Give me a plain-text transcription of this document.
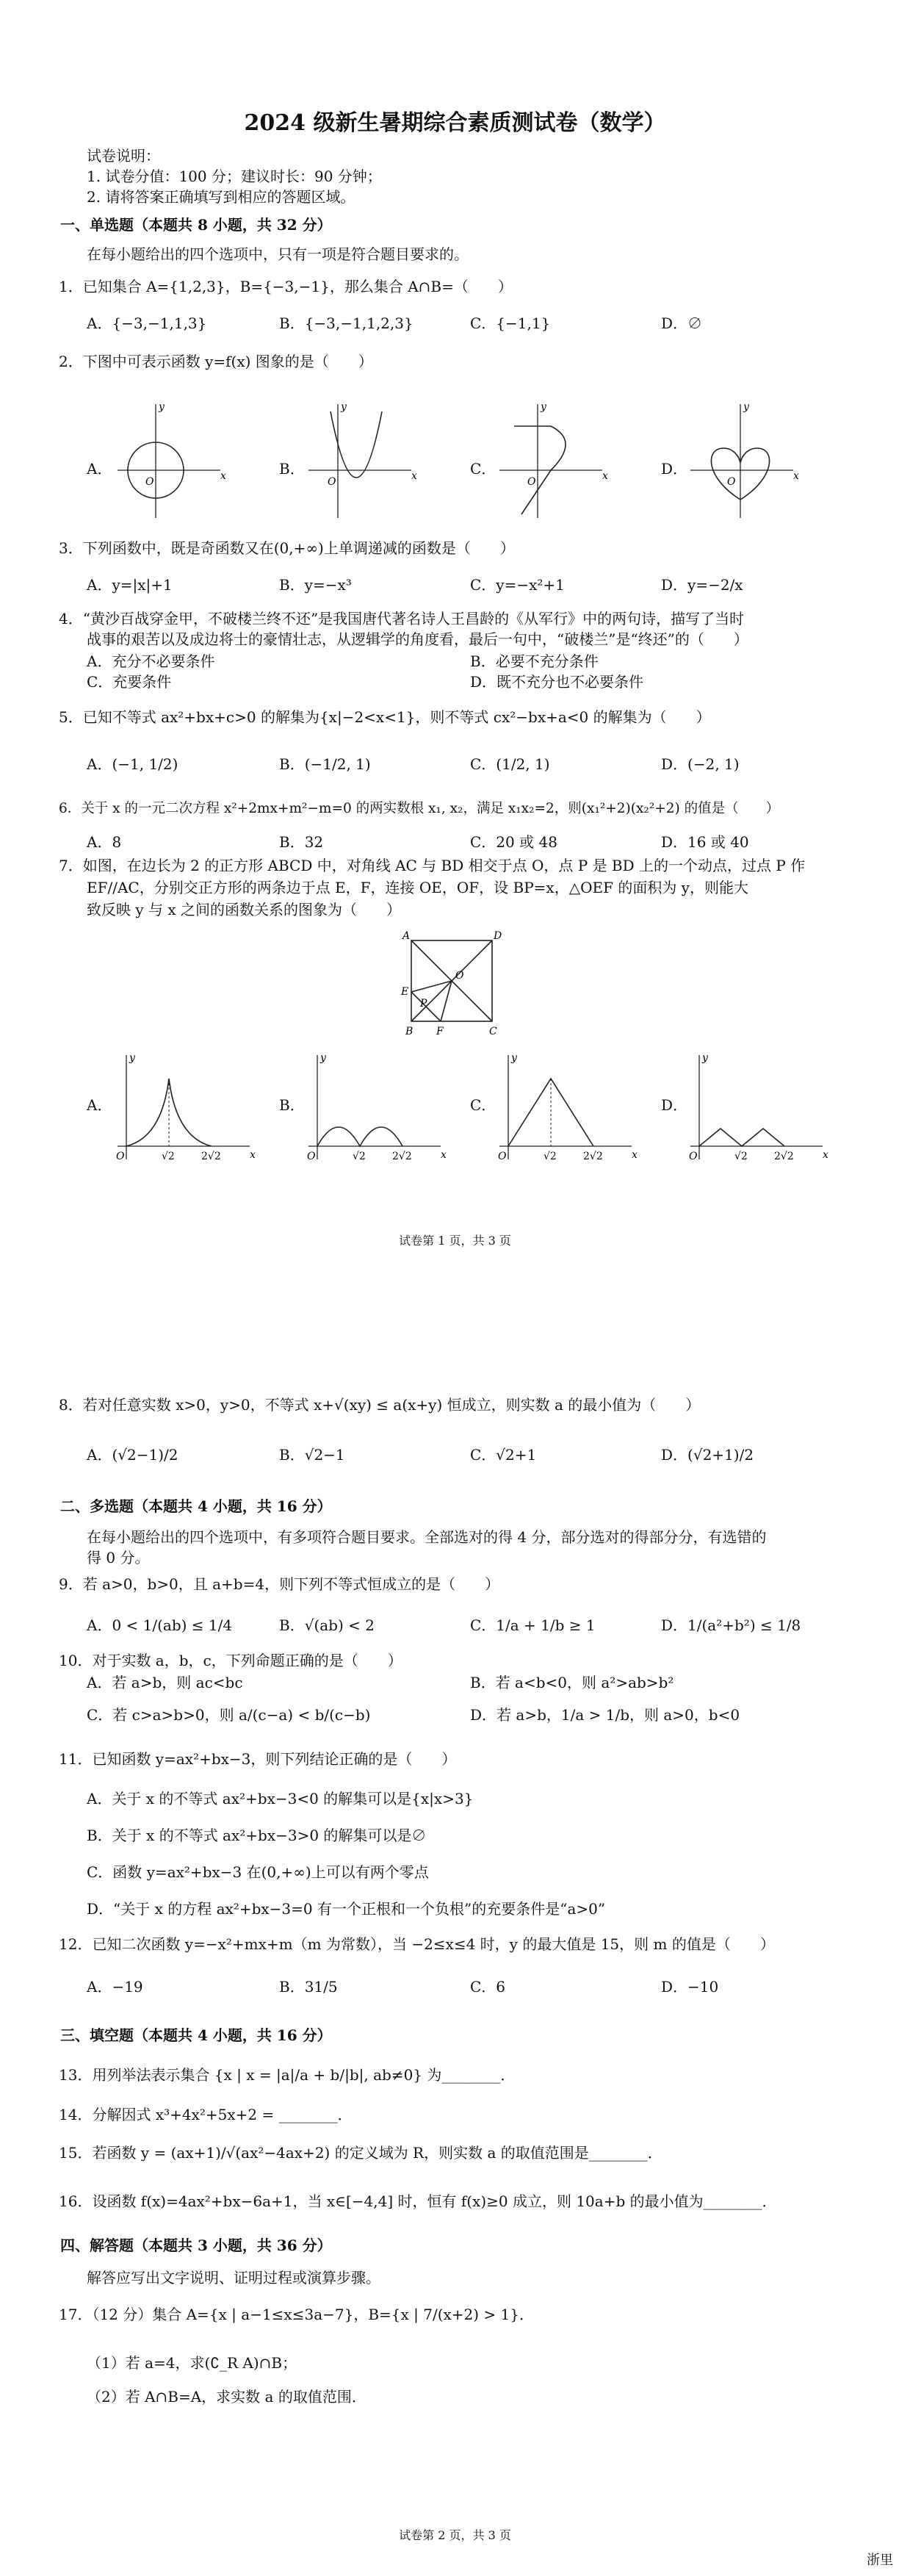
2024 级新生暑期综合素质测试卷（数学）
试卷说明：
1. 试卷分值：100 分；建议时长：90 分钟；
2. 请将答案正确填写到相应的答题区域。
一、单选题（本题共 8 小题，共 32 分）
在每小题给出的四个选项中，只有一项是符合题目要求的。
1．已知集合 A={1,2,3}，B={−3,−1}，那么集合 A∩B=（　　）
A．{−3,−1,1,3}	B．{−3,−1,1,2,3}	C．{−1,1}	D．∅
2．下图中可表示函数 y=f(x) 图象的是（　　）
A．	B．	C．	D．
O	x
y
O	x
y
O	x
y
O	x
y
3．下列函数中，既是奇函数又在(0,+∞)上单调递减的函数是（　　）
A．y=|x|+1	B．y=−x³	C．y=−x²+1	D．y=−2/x
4．“黄沙百战穿金甲，不破楼兰终不还”是我国唐代著名诗人王昌龄的《从军行》中的两句诗，描写了当时
战事的艰苦以及成边将士的豪情壮志，从逻辑学的角度看，最后一句中，“破楼兰”是“终还”的（　　）
A．充分不必要条件	B．必要不充分条件
C．充要条件	D．既不充分也不必要条件
5．已知不等式 ax²+bx+c>0 的解集为{x|−2<x<1}，则不等式 cx²−bx+a<0 的解集为（　　）
A．(−1, 1/2)	B．(−1/2, 1)	C．(1/2, 1)	D．(−2, 1)
6．关于 x 的一元二次方程 x²+2mx+m²−m=0 的两实数根 x₁, x₂，满足 x₁x₂=2，则(x₁²+2)(x₂²+2) 的值是（　　）
A．8	B．32	C．20 或 48	D．16 或 40
7．如图，在边长为 2 的正方形 ABCD 中，对角线 AC 与 BD 相交于点 O，点 P 是 BD 上的一个动点，过点 P 作
EF//AC，分别交正方形的两条边于点 E，F，连接 OE，OF，设 BP=x，△OEF 的面积为 y，则能大
致反映 y 与 x 之间的函数关系的图象为（　　）
A	D
O
E
P
B F	C
A．	B．	C．	D．
O
y
x
√2	2√2	O
y
x
√2	2√2	O
y
x
√2	2√2	O
y
x
√2	2√2
试卷第 1 页，共 3 页
8．若对任意实数 x>0，y>0，不等式 x+√(xy) ≤ a(x+y) 恒成立，则实数 a 的最小值为（　　）
A．(√2−1)/2	B．√2−1	C．√2+1	D．(√2+1)/2
二、多选题（本题共 4 小题，共 16 分）
在每小题给出的四个选项中，有多项符合题目要求。全部选对的得 4 分，部分选对的得部分分，有选错的
得 0 分。
9．若 a>0，b>0，且 a+b=4，则下列不等式恒成立的是（　　）
A．0 < 1/(ab) ≤ 1/4	B．√(ab) < 2	C．1/a + 1/b ≥ 1	D．1/(a²+b²) ≤ 1/8
10．对于实数 a，b，c，下列命题正确的是（　　）
A．若 a>b，则 ac<bc	B．若 a<b<0，则 a²>ab>b²
C．若 c>a>b>0，则 a/(c−a) < b/(c−b)	D．若 a>b，1/a > 1/b，则 a>0，b<0
11．已知函数 y=ax²+bx−3，则下列结论正确的是（　　）
A．关于 x 的不等式 ax²+bx−3<0 的解集可以是{x|x>3}
B．关于 x 的不等式 ax²+bx−3>0 的解集可以是∅
C．函数 y=ax²+bx−3 在(0,+∞)上可以有两个零点
D．“关于 x 的方程 ax²+bx−3=0 有一个正根和一个负根”的充要条件是“a>0”
12．已知二次函数 y=−x²+mx+m（m 为常数），当 −2≤x≤4 时，y 的最大值是 15，则 m 的值是（　　）
A．−19	B．31/5	C．6	D．−10
三、填空题（本题共 4 小题，共 16 分）
13．用列举法表示集合 {x | x = |a|/a + b/|b|, ab≠0} 为________．
14．分解因式 x³+4x²+5x+2 = ________．
15．若函数 y = (ax+1)/√(ax²−4ax+2) 的定义域为 R，则实数 a 的取值范围是________．
16．设函数 f(x)=4ax²+bx−6a+1，当 x∈[−4,4] 时，恒有 f(x)≥0 成立，则 10a+b 的最小值为________．
四、解答题（本题共 3 小题，共 36 分）
解答应写出文字说明、证明过程或演算步骤。
17．（12 分）集合 A={x | a−1≤x≤3a−7}，B={x | 7/(x+2) > 1}．
（1）若 a=4，求(∁_R A)∩B；
（2）若 A∩B=A，求实数 a 的取值范围．
试卷第 2 页，共 3 页
浙里
